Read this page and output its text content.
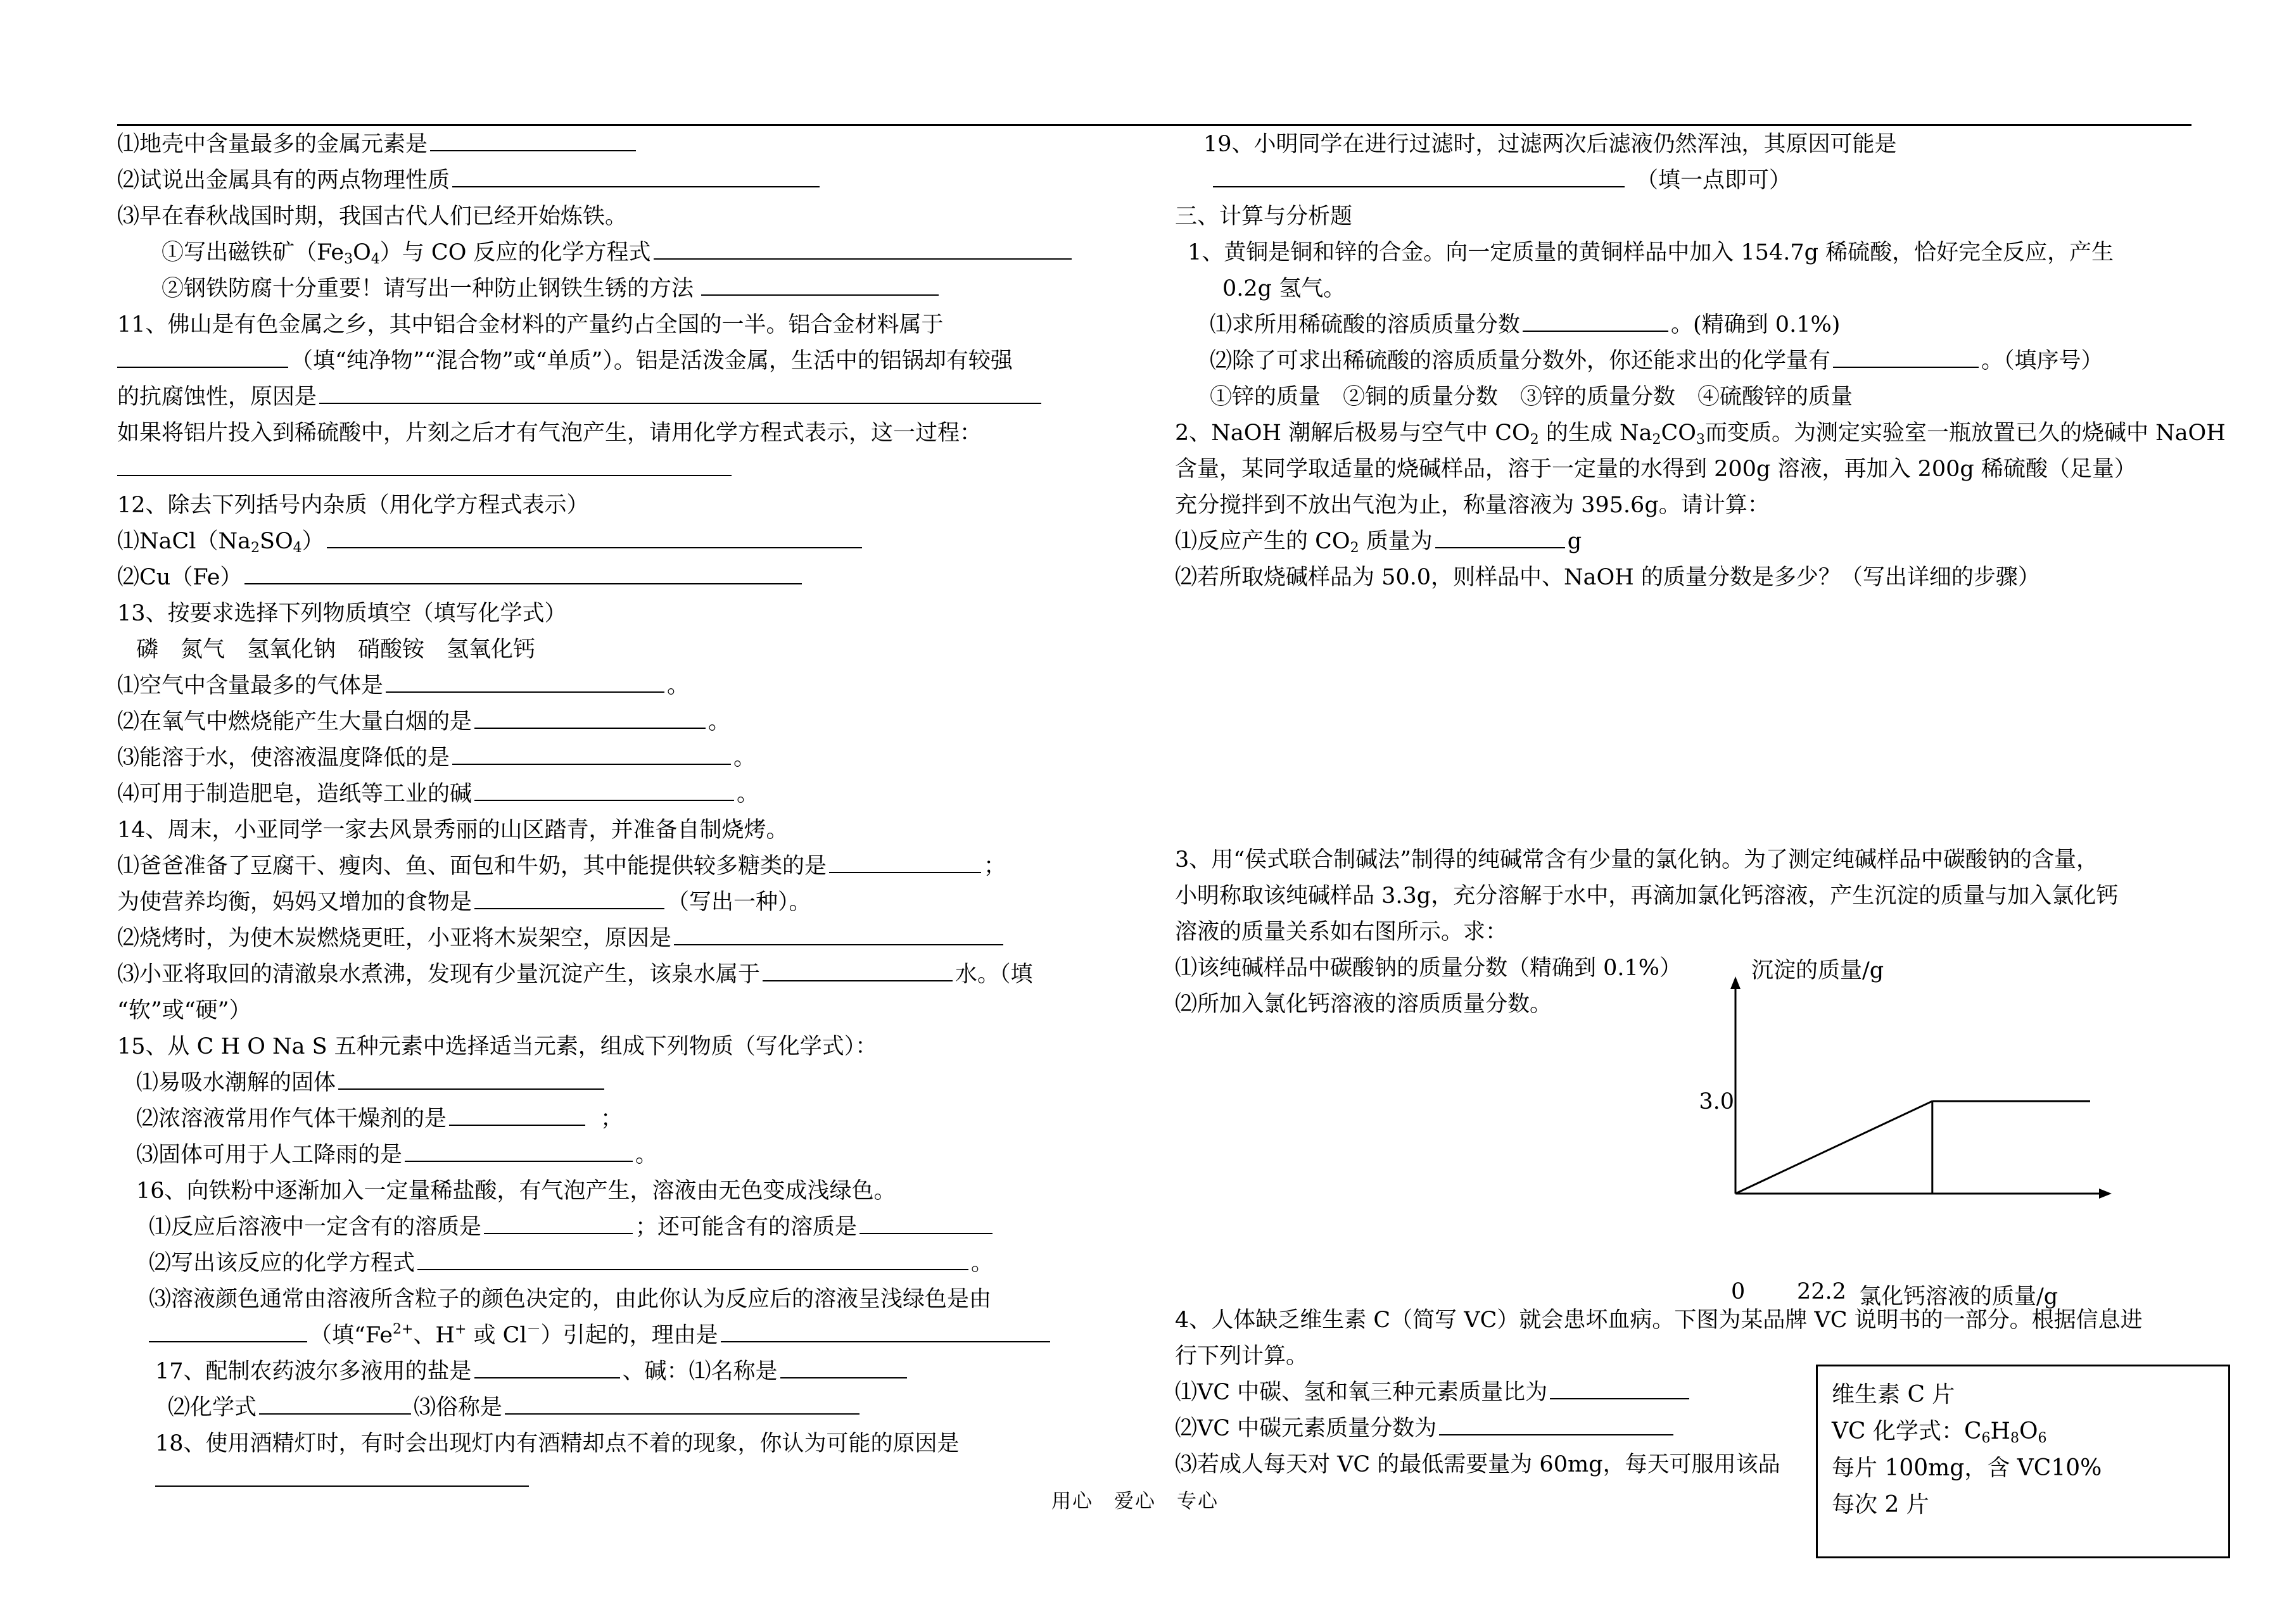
⑴地壳中含量最多的金属元素是
⑵试说出金属具有的两点物理性质
⑶早在春秋战国时期，我国古代人们已经开始炼铁。
①写出磁铁矿$(Fe_3O_4)$与 CO 反应的化学方程式
②钢铁防腐十分重要！请写出一种防止钢铁生锈的方法
11、佛山是有色金属之乡，其中铝合金材料的产量约占全国的一半。铝合金材料属于
（填“纯净物”“混合物”或“单质”）。铝是活泼金属，生活中的铝锅却有较强
的抗腐蚀性，原因是
如果将铝片投入到稀硫酸中，片刻之后才有气泡产生，请用化学方程式表示，这一过程：
12、除去下列括号内杂质（用化学方程式表示）
$⑴NaCl(Na_2SO_4)$
⑵Cu（Fe）
13、按要求选择下列物质填空（填写化学式）
磷　氮气　氢氧化钠　硝酸铵　氢氧化钙
⑴空气中含量最多的气体是	。
⑵在氧气中燃烧能产生大量白烟的是	。
⑶能溶于水，使溶液温度降低的是	。
⑷可用于制造肥皂，造纸等工业的碱	。
14、周末，小亚同学一家去风景秀丽的山区踏青，并准备自制烧烤。
⑴爸爸准备了豆腐干、瘦肉、鱼、面包和牛奶，其中能提供较多糖类的是	；
为使营养均衡，妈妈又增加的食物是	（写出一种）。
⑵烧烤时，为使木炭燃烧更旺，小亚将木炭架空，原因是
⑶小亚将取回的清澈泉水煮沸，发现有少量沉淀产生，该泉水属于	水。（填
“软”或“硬”）
15、从 C H O Na S 五种元素中选择适当元素，组成下列物质（写化学式）：
⑴易吸水潮解的固体
⑵浓溶液常用作气体干燥剂的是	；
⑶固体可用于人工降雨的是	。
16、向铁粉中逐渐加入一定量稀盐酸，有气泡产生，溶液由无色变成浅绿色。
⑴反应后溶液中一定含有的溶质是	；还可能含有的溶质是
⑵写出该反应的化学方程式	。
⑶溶液颜色通常由溶液所含粒子的颜色决定的，由此你认为反应后的溶液呈浅绿色是由
（填“$Fe^{2+}$、H+ 或 Cl－）引起的，理由是
17、配制农药波尔多液用的盐是	、碱：⑴名称是
⑵化学式	⑶俗称是
18、使用酒精灯时，有时会出现灯内有酒精却点不着的现象，你认为可能的原因是
19、小明同学在进行过滤时，过滤两次后滤液仍然浑浊，其原因可能是
（填一点即可）
三、计算与分析题
1、黄铜是铜和锌的合金。向一定质量的黄铜样品中加入 154.7g 稀硫酸，恰好完全反应，产生
0.2g 氢气。
⑴求所用稀硫酸的溶质质量分数	。(精确到 0.1%)
⑵除了可求出稀硫酸的溶质质量分数外，你还能求出的化学量有	。（填序号）
①锌的质量　②铜的质量分数　③锌的质量分数　④硫酸锌的质量
2、NaOH 潮解后极易与空气中 $CO_2$ 的生成 $Na_2CO_3$而变质。为测定实验室一瓶放置已久的烧碱中 NaOH
含量，某同学取适量的烧碱样品，溶于一定量的水得到 200g 溶液，再加入 200g 稀硫酸（足量）
充分搅拌到不放出气泡为止，称量溶液为 395.6g。请计算：
⑴反应产生的 $CO_2$ 质量为	g
⑵若所取烧碱样品为 50.0，则样品中、NaOH 的质量分数是多少？（写出详细的步骤）
3、用“侯式联合制碱法”制得的纯碱常含有少量的氯化钠。为了测定纯碱样品中碳酸钠的含量，
小明称取该纯碱样品 3.3g，充分溶解于水中，再滴加氯化钙溶液，产生沉淀的质量与加入氯化钙
溶液的质量关系如右图所示。求：
⑴该纯碱样品中碳酸钠的质量分数（精确到 0.1%）
⑵所加入氯化钙溶液的溶质质量分数。
沉淀的质量/g
3.0
0 22.2 氯化钙溶液的质量/g
4、人体缺乏维生素 C（简写 VC）就会患坏血病。下图为某品牌 VC 说明书的一部分。根据信息进
行下列计算。
⑴VC 中碳、氢和氧三种元素质量比为
⑵VC 中碳元素质量分数为
⑶若成人每天对 VC 的最低需要量为 60mg，每天可服用该品
维生素 C 片
VC 化学式：$C_6H_8O_6$
每片 100mg，含 VC10%
每次 2 片
用心　爱心　专心
